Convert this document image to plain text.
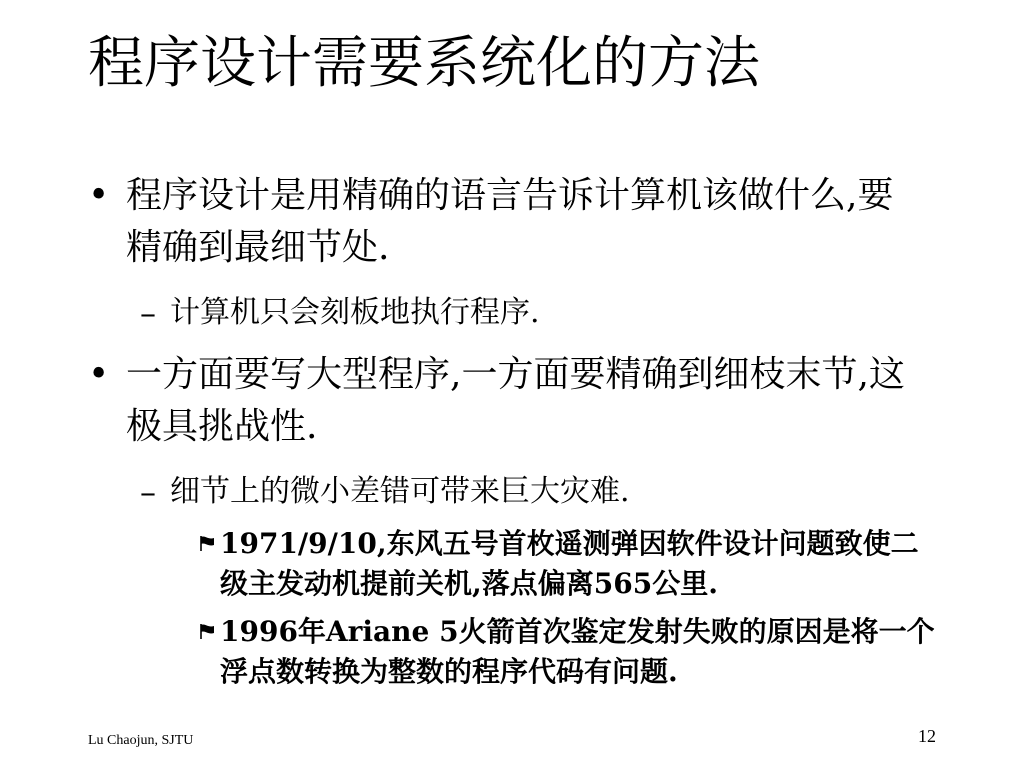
程序设计需要系统化的方法
• 程序设计是用精确的语言告诉计算机该做什么,要精确到最细节处.
– 计算机只会刻板地执行程序.
• 一方面要写大型程序,一方面要精确到细枝末节,这极具挑战性.
– 细节上的微小差错可带来巨大灾难.
1971/9/10,东风五号首枚遥测弹因软件设计问题致使二级主发动机提前关机,落点偏离565公里.
1996年Ariane 5火箭首次鉴定发射失败的原因是将一个浮点数转换为整数的程序代码有问题.
Lu Chaojun, SJTU	12
